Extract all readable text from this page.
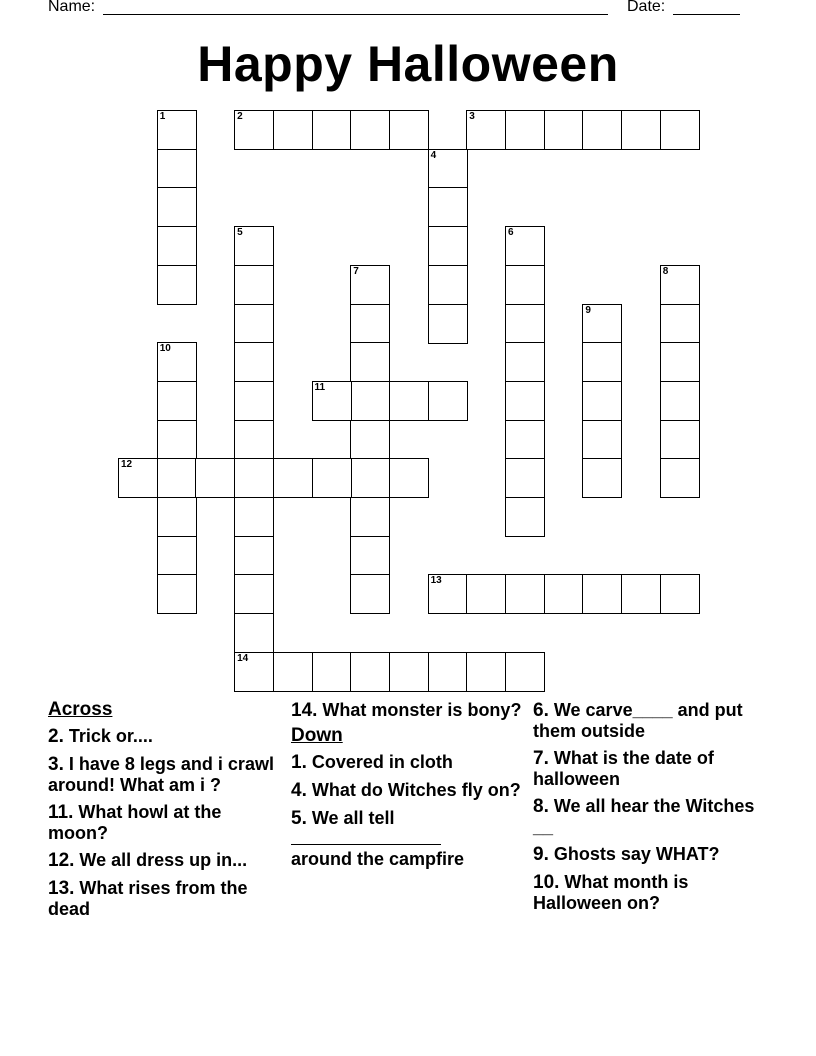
Name:	Date:
Happy Halloween
1	2	3
4
5
14
6
7	8
9
10
11
12
13
Across
2. Trick or....
3. I have 8 legs and i crawl around! What am i ?
11. What howl at the moon?
12. We all dress up in...
13. What rises from the dead
14. What monster is bony?
Down
1. Covered in cloth
4. What do Witches fly on?
5. We all tell

around the campfire
6. We carve____ and put them outside
7. What is the date of halloween
8. We all hear the Witches __
9. Ghosts say WHAT?
10. What month is Halloween on?
